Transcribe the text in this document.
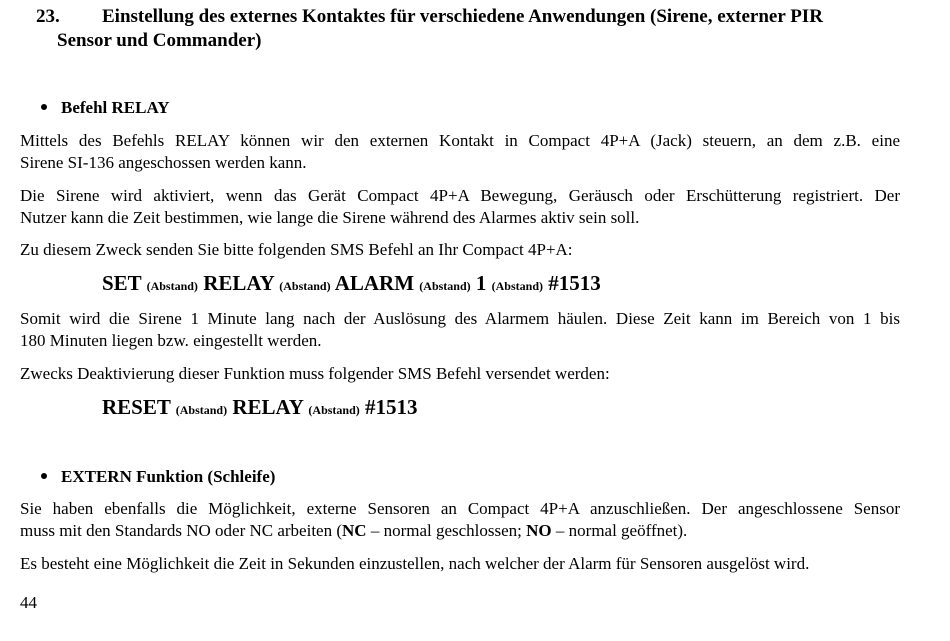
23. Einstellung des externes Kontaktes für verschiedene Anwendungen (Sirene, externer PIR
Sensor und Commander)
Befehl RELAY
Mittels des Befehls RELAY können wir den externen Kontakt in Compact 4P+A (Jack) steuern, an dem z.B. eine
Sirene SI-136 angeschossen werden kann.
Die Sirene wird aktiviert, wenn das Gerät Compact 4P+A Bewegung, Geräusch oder Erschütterung registriert. Der
Nutzer kann die Zeit bestimmen, wie lange die Sirene während des Alarmes aktiv sein soll.
Zu diesem Zweck senden Sie bitte folgenden SMS Befehl an Ihr Compact 4P+A:
SET (Abstand) RELAY (Abstand) ALARM (Abstand) 1 (Abstand) #1513
Somit wird die Sirene 1 Minute lang nach der Auslösung des Alarmem häulen. Diese Zeit kann im Bereich von 1 bis
180 Minuten liegen bzw. eingestellt werden.
Zwecks Deaktivierung dieser Funktion muss folgender SMS Befehl versendet werden:
RESET (Abstand) RELAY (Abstand) #1513
EXTERN Funktion (Schleife)
Sie haben ebenfalls die Möglichkeit, externe Sensoren an Compact 4P+A anzuschließen. Der angeschlossene Sensor
muss mit den Standards NO oder NC arbeiten (NC – normal geschlossen; NO – normal geöffnet).
Es besteht eine Möglichkeit die Zeit in Sekunden einzustellen, nach welcher der Alarm für Sensoren ausgelöst wird.
44
